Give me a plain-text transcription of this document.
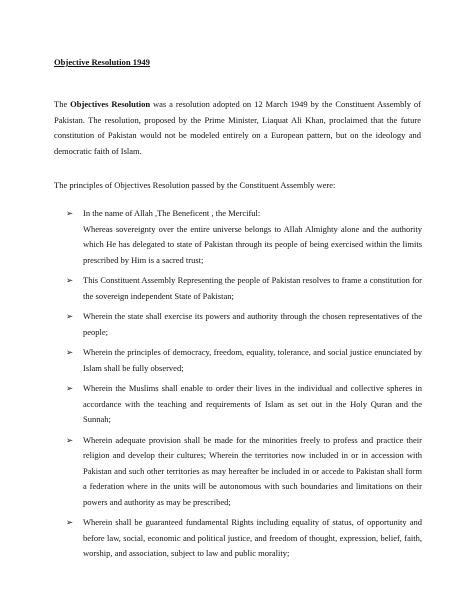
Objective Resolution 1949
The Objectives Resolution was a resolution adopted on 12 March 1949 by the Constituent Assembly of Pakistan. The resolution, proposed by the Prime Minister, Liaquat Ali Khan, proclaimed that the future constitution of Pakistan would not be modeled entirely on a European pattern, but on the ideology and democratic faith of Islam.
The principles of Objectives Resolution passed by the Constituent Assembly were:
➢ In the name of Allah ,The Beneficent , the Merciful:

Whereas sovereignty over the entire universe belongs to Allah Almighty alone and the authority which He has delegated to state of Pakistan through its people of being exercised within the limits prescribed by Him is a sacred trust;

➢ This Constituent Assembly Representing the people of Pakistan resolves to frame a constitution for the sovereign independent State of Pakistan;

➢ Wherein the state shall exercise its powers and authority through the chosen representatives of the people;

➢ Wherein the principles of democracy, freedom, equality, tolerance, and social justice enunciated by Islam shall be fully observed;

➢ Wherein the Muslims shall enable to order their lives in the individual and collective spheres in accordance with the teaching and requirements of Islam as set out in the Holy Quran and the Sunnah;

➢ Wherein adequate provision shall be made for the minorities freely to profess and practice their religion and develop their cultures; Wherein the territories now included in or in accession with Pakistan and such other territories as may hereafter be included in or accede to Pakistan shall form a federation where in the units will be autonomous with such boundaries and limitations on their powers and authority as may be prescribed;

➢ Wherein shall be guaranteed fundamental Rights including equality of status, of opportunity and before law, social, economic and political justice, and freedom of thought, expression, belief, faith, worship, and association, subject to law and public morality;
